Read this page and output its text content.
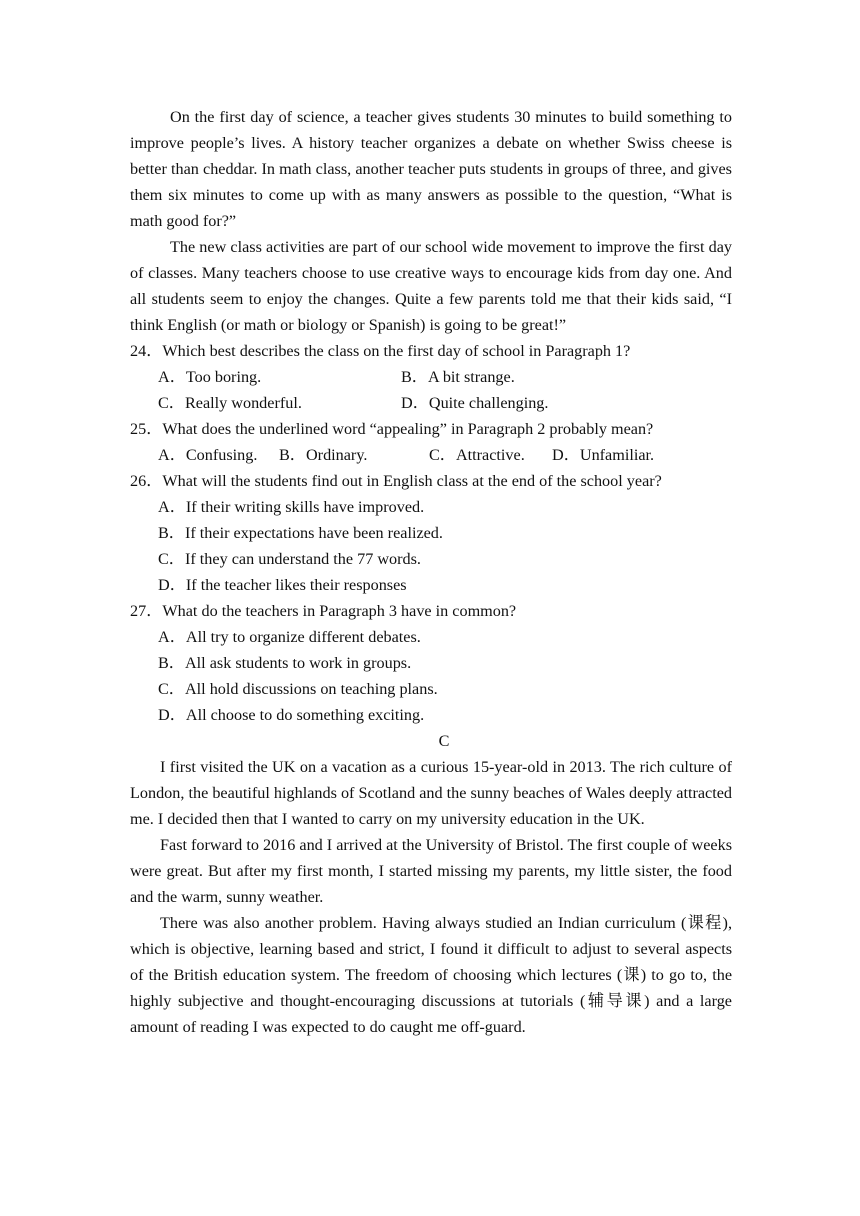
On the first day of science, a teacher gives students 30 minutes to build something to improve people’s lives. A history teacher organizes a debate on whether Swiss cheese is better than cheddar. In math class, another teacher puts students in groups of three, and gives them six minutes to come up with as many answers as possible to the question, “What is math good for?”

The new class activities are part of our school wide movement to improve the first day of classes. Many teachers choose to use creative ways to encourage kids from day one. And all students seem to enjoy the changes. Quite a few parents told me that their kids said, “I think English (or math or biology or Spanish) is going to be great!”

24．Which best describes the class on the first day of school in Paragraph 1?

A．Too boring.	B．A bit strange.
C．Really wonderful.	D．Quite challenging.

25．What does the underlined word “appealing” in Paragraph 2 probably mean?

A．Confusing.	B．Ordinary.	C．Attractive.	D．Unfamiliar.

26．What will the students find out in English class at the end of the school year?

A．If their writing skills have improved.

B．If their expectations have been realized.

C．If they can understand the 77 words.

D．If the teacher likes their responses

27．What do the teachers in Paragraph 3 have in common?

A．All try to organize different debates.

B．All ask students to work in groups.

C．All hold discussions on teaching plans.

D．All choose to do something exciting.

C

I first visited the UK on a vacation as a curious 15-year-old in 2013. The rich culture of London, the beautiful highlands of Scotland and the sunny beaches of Wales deeply attracted me. I decided then that I wanted to carry on my university education in the UK.

Fast forward to 2016 and I arrived at the University of Bristol. The first couple of weeks were great. But after my first month, I started missing my parents, my little sister, the food and the warm, sunny weather.

There was also another problem. Having always studied an Indian curriculum (课程), which is objective, learning based and strict, I found it difficult to adjust to several aspects of the British education system. The freedom of choosing which lectures (课) to go to, the highly subjective and thought-encouraging discussions at tutorials (辅导课) and a large amount of reading I was expected to do caught me off-guard.
